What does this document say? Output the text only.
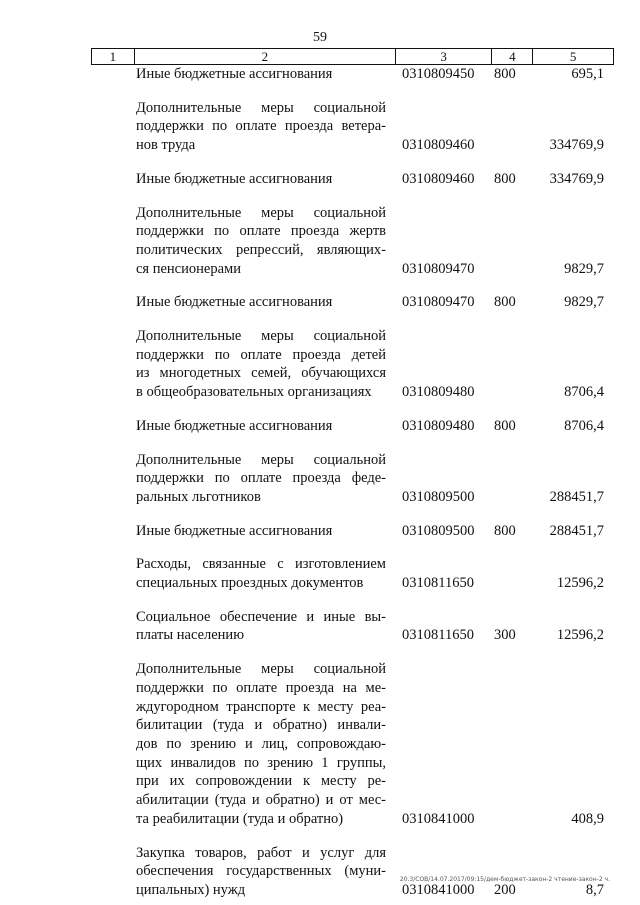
59
1	2	3	4	5
Иные бюджетные ассигнования	0310809450 800	695,1
Дополнительные меры социальной
поддержки по оплате проезда ветера-
нов труда	0310809460	334769,9
Иные бюджетные ассигнования	0310809460 800	334769,9
Дополнительные меры социальной
поддержки по оплате проезда жертв
политических репрессий, являющих-
ся пенсионерами	0310809470	9829,7
Иные бюджетные ассигнования	0310809470 800	9829,7
Дополнительные меры социальной
поддержки по оплате проезда детей
из многодетных семей, обучающихся
в общеобразовательных организациях	0310809480	8706,4
Иные бюджетные ассигнования	0310809480 800	8706,4
Дополнительные меры социальной
поддержки по оплате проезда феде-
ральных льготников	0310809500	288451,7
Иные бюджетные ассигнования	0310809500 800	288451,7
Расходы, связанные с изготовлением
специальных проездных документов	0310811650	12596,2
Социальное обеспечение и иные вы-
платы населению	0310811650 300	12596,2
Дополнительные меры социальной
поддержки по оплате проезда на ме-
ждугородном транспорте к месту реа-
билитации (туда и обратно) инвали-
дов по зрению и лиц, сопровождаю-
щих инвалидов по зрению 1 группы,
при их сопровождении к месту ре-
абилитации (туда и обратно) и от мес-
та реабилитации (туда и обратно)	0310841000	408,9
Закупка товаров, работ и услуг для
обеспечения государственных (муни-
ципальных) нужд	0310841000 200	8,7
20.3/COB/14.07.2017/09:15/дем-бюджет-закон-2 чтение-закон-2 ч.
